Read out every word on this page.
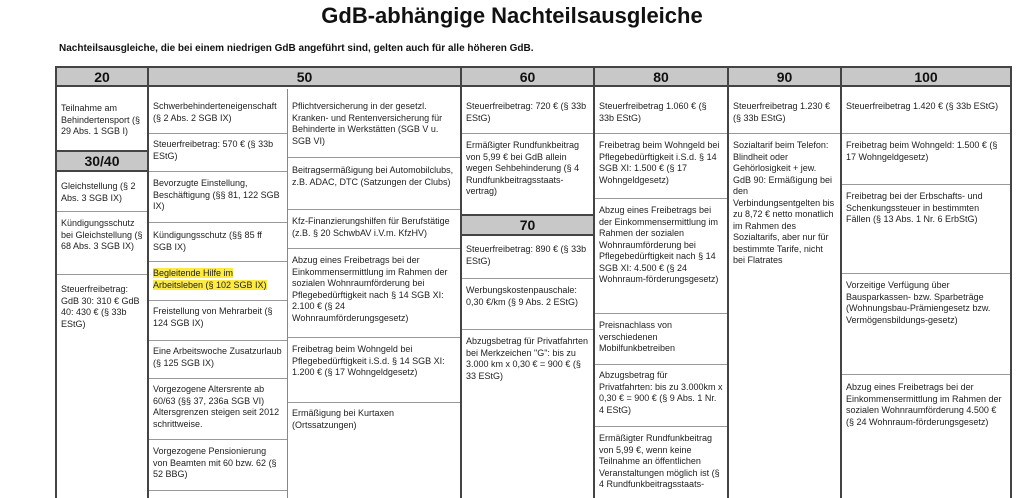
GdB-abhängige Nachteilsausgleiche
Nachteilsausgleiche, die bei einem niedrigen GdB angeführt sind, gelten auch für alle höheren GdB.
20	50	60	80	90	100
Teilnahme am Behindertensport (§ 29 Abs. 1 SGB I)
30/40
Gleichstellung (§ 2 Abs. 3 SGB IX)
Kündigungsschutz bei Gleichstellung (§ 68 Abs. 3 SGB IX)
Steuerfreibetrag: GdB 30: 310 € GdB 40: 430 € (§ 33b EStG)
Schwerbehinderteneigenschaft (§ 2 Abs. 2 SGB IX)
Steuerfreibetrag: 570 € (§ 33b EStG)
Bevorzugte Einstellung, Beschäftigung (§§ 81, 122 SGB IX)
Kündigungsschutz (§§ 85 ff SGB IX)
Begleitende Hilfe im Arbeitsleben (§ 102 SGB IX)
Freistellung von Mehrarbeit (§ 124 SGB IX)
Eine Arbeitswoche Zusatzurlaub (§ 125 SGB IX)
Vorgezogene Altersrente ab 60/63 (§§ 37, 236a SGB VI) Altersgrenzen steigen seit 2012 schrittweise.
Vorgezogene Pensionierung von Beamten mit 60 bzw. 62 (§ 52 BBG)
Pflichtversicherung in der gesetzl. Kranken- und Rentenversicherung für Behinderte in Werkstätten (SGB V u. SGB VI)
Beitragsermäßigung bei Automobilclubs, z.B. ADAC, DTC (Satzungen der Clubs)
Kfz-Finanzierungshilfen für Berufstätige (z.B. § 20 SchwbAV i.V.m. KfzHV)
Abzug eines Freibetrags bei der Einkommensermittlung im Rahmen der sozialen Wohnraumförderung bei Pflegebedürftigkeit nach § 14 SGB XI: 2.100 € (§ 24 Wohnraumförderungsgesetz)
Freibetrag beim Wohngeld bei Pflegebedürftigkeit i.S.d. § 14 SGB XI: 1.200 € (§ 17 Wohngeldgesetz)
Ermäßigung bei Kurtaxen (Ortssatzungen)
Steuerfreibetrag: 720 € (§ 33b EStG)
Ermäßigter Rundfunkbeitrag von 5,99 € bei GdB allein wegen Sehbehinderung (§ 4 Rundfunkbeitragsstaats-vertrag)
70
Steuerfreibetrag: 890 € (§ 33b EStG)
Werbungskostenpauschale: 0,30 €/km (§ 9 Abs. 2 EStG)
Abzugsbetrag für Privatfahrten bei Merkzeichen "G": bis zu 3.000 km x 0,30 € = 900 € (§ 33 EStG)
Steuerfreibetrag 1.060 € (§ 33b EStG)
Freibetrag beim Wohngeld bei Pflegebedürftigkeit i.S.d. § 14 SGB XI: 1.500 € (§ 17 Wohngeldgesetz)
Abzug eines Freibetrags bei der Einkommensermittlung im Rahmen der sozialen Wohnraumförderung bei Pflegebedürftigkeit nach § 14 SGB XI: 4.500 € (§ 24 Wohnraum-förderungsgesetz)
Preisnachlass von verschiedenen Mobilfunkbetreiben
Abzugsbetrag für Privatfahrten: bis zu 3.000km x 0,30 € = 900 € (§ 9 Abs. 1 Nr. 4 EStG)
Ermäßigter Rundfunkbeitrag von 5,99 €, wenn keine Teilnahme an öffentlichen Veranstaltungen möglich ist (§ 4 Rundfunkbeitragsstaats-
Steuerfreibetrag 1.230 € (§ 33b EStG)
Sozialtarif beim Telefon: Blindheit oder Gehörlosigkeit + jew. GdB 90: Ermäßigung bei den Verbindungsentgelten bis zu 8,72 € netto monatlich im Rahmen des Sozialtarifs, aber nur für bestimmte Tarife, nicht bei Flatrates
Steuerfreibetrag 1.420 € (§ 33b EStG)
Freibetrag beim Wohngeld: 1.500 € (§ 17 Wohngeldgesetz)
Freibetrag bei der Erbschafts- und Schenkungssteuer in bestimmten Fällen (§ 13 Abs. 1 Nr. 6 ErbStG)
Vorzeitige Verfügung über Bausparkassen- bzw. Sparbeträge (Wohnungsbau-Prämiengesetz bzw. Vermögensbildungs-gesetz)
Abzug eines Freibetrags bei der Einkommensermittlung im Rahmen der sozialen Wohnraumförderung 4.500 € (§ 24 Wohnraum-förderungsgesetz)
